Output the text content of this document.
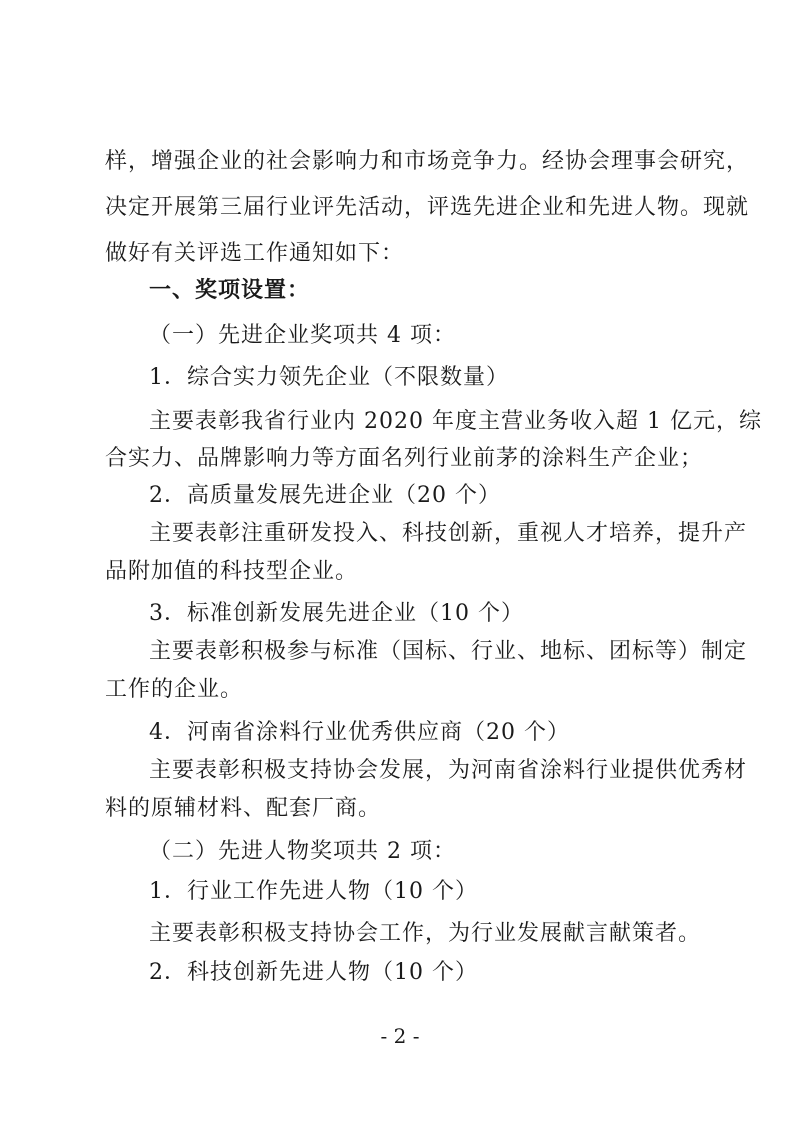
样，增强企业的社会影响力和市场竞争力。经协会理事会研究，
决定开展第三届行业评先活动，评选先进企业和先进人物。现就
做好有关评选工作通知如下：
一、奖项设置：
（一）先进企业奖项共 4 项：
1．综合实力领先企业（不限数量）
主要表彰我省行业内 2020 年度主营业务收入超 1 亿元，综
合实力、品牌影响力等方面名列行业前茅的涂料生产企业；
2．高质量发展先进企业（20 个）
主要表彰注重研发投入、科技创新，重视人才培养，提升产
品附加值的科技型企业。
3．标准创新发展先进企业（10 个）
主要表彰积极参与标准（国标、行业、地标、团标等）制定
工作的企业。
4．河南省涂料行业优秀供应商（20 个）
主要表彰积极支持协会发展，为河南省涂料行业提供优秀材
料的原辅材料、配套厂商。
（二）先进人物奖项共 2 项：
1．行业工作先进人物（10 个）
主要表彰积极支持协会工作，为行业发展献言献策者。
2．科技创新先进人物（10 个）
- 2 -
